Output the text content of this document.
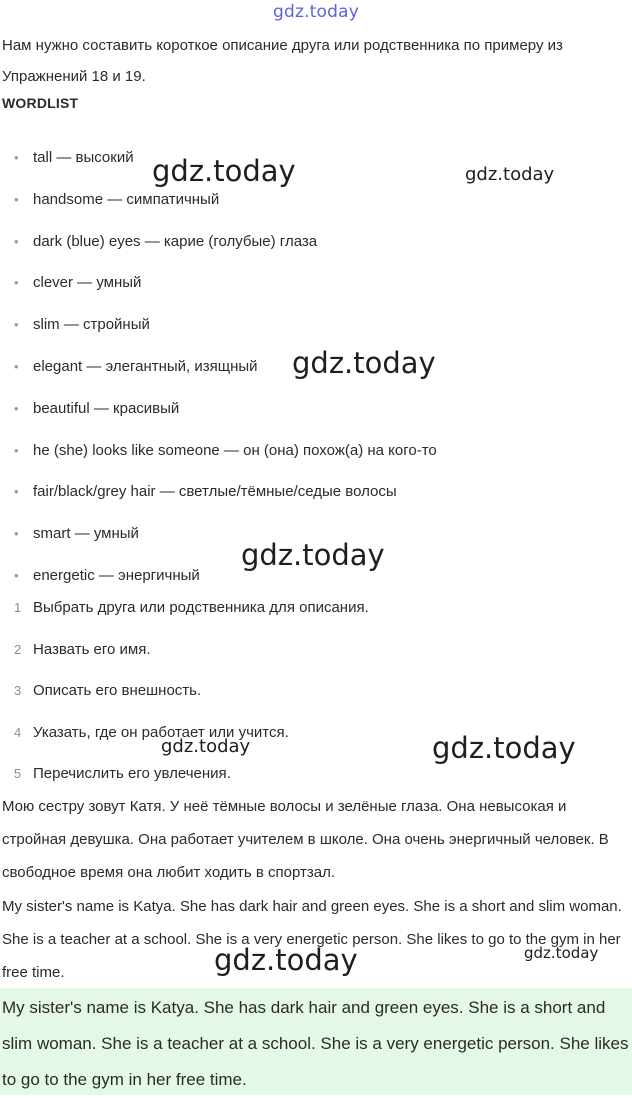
gdz.today

Нам нужно составить короткое описание друга или родственника по примеру из Упражнений 18 и 19.

WORDLIST

• tall — высокий
• handsome — симпатичный
• dark (blue) eyes — карие (голубые) глаза
• clever — умный
• slim — стройный
• elegant — элегантный, изящный
• beautiful — красивый
• he (she) looks like someone — он (она) похож(а) на кого-то
• fair/black/grey hair — светлые/тёмные/седые волосы
• smart — умный
• energetic — энергичный
1 Выбрать друга или родственника для описания.
2 Назвать его имя.
3 Описать его внешность.
4 Указать, где он работает или учится.
5 Перечислить его увлечения.

Мою сестру зовут Катя. У неё тёмные волосы и зелёные глаза. Она невысокая и стройная девушка. Она работает учителем в школе. Она очень энергичный человек. В свободное время она любит ходить в спортзал.

My sister's name is Katya. She has dark hair and green eyes. She is a short and slim woman. She is a teacher at a school. She is a very energetic person. She likes to go to the gym in her free time.

My sister's name is Katya. She has dark hair and green eyes. She is a short and slim woman. She is a teacher at a school. She is a very energetic person. She likes to go to the gym in her free time.

gdz.today	gdz.today
gdz.today
gdz.today
gdz.today	gdz.today
gdz.today	gdz.today
